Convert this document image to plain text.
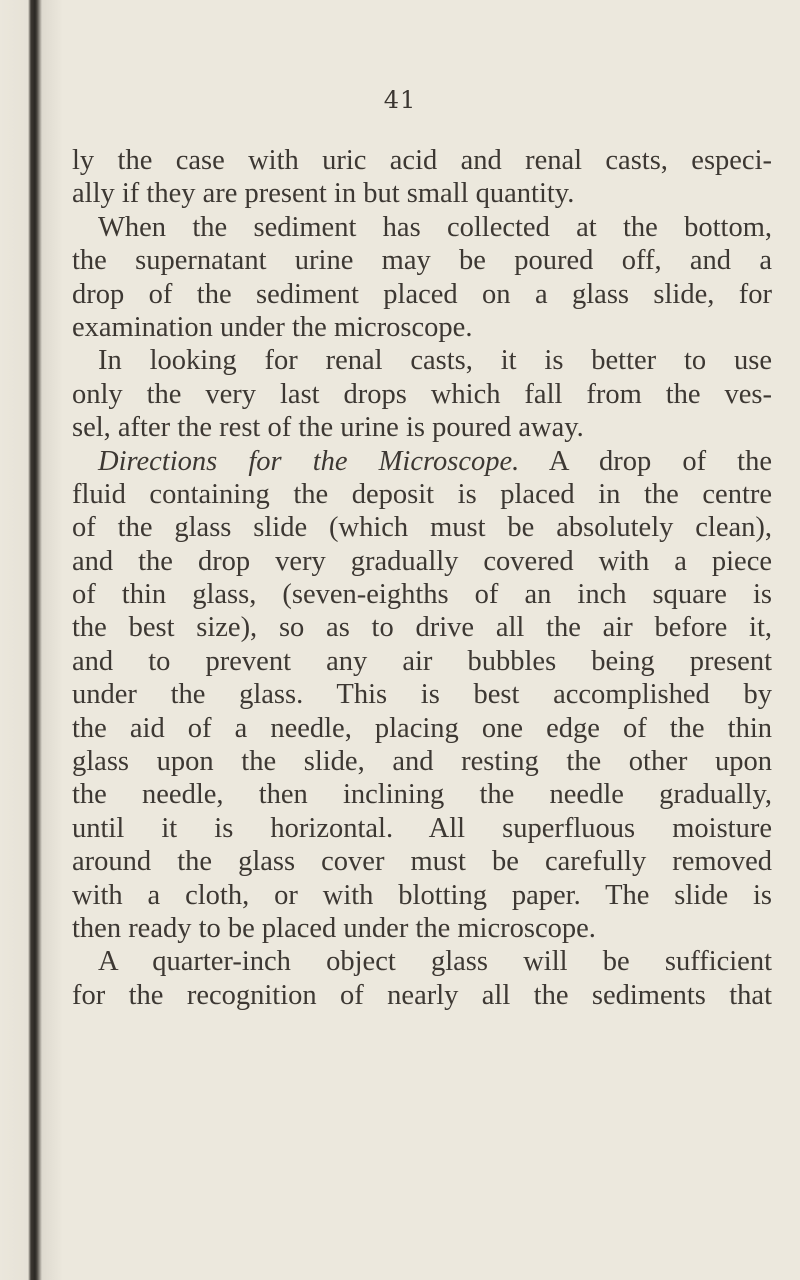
41
ly the case with uric acid and renal casts, especi-
ally if they are present in but small quantity.
When the sediment has collected at the bottom,
the supernatant urine may be poured off, and a
drop of the sediment placed on a glass slide, for
examination under the microscope.
In looking for renal casts, it is better to use
only the very last drops which fall from the ves-
sel, after the rest of the urine is poured away.
Directions for the Microscope. A drop of the
fluid containing the deposit is placed in the centre
of the glass slide (which must be absolutely clean),
and the drop very gradually covered with a piece
of thin glass, (seven-eighths of an inch square is
the best size), so as to drive all the air before it,
and to prevent any air bubbles being present
under the glass. This is best accomplished by
the aid of a needle, placing one edge of the thin
glass upon the slide, and resting the other upon
the needle, then inclining the needle gradually,
until it is horizontal. All superfluous moisture
around the glass cover must be carefully removed
with a cloth, or with blotting paper. The slide is
then ready to be placed under the microscope.
A quarter-inch object glass will be sufficient
for the recognition of nearly all the sediments that
